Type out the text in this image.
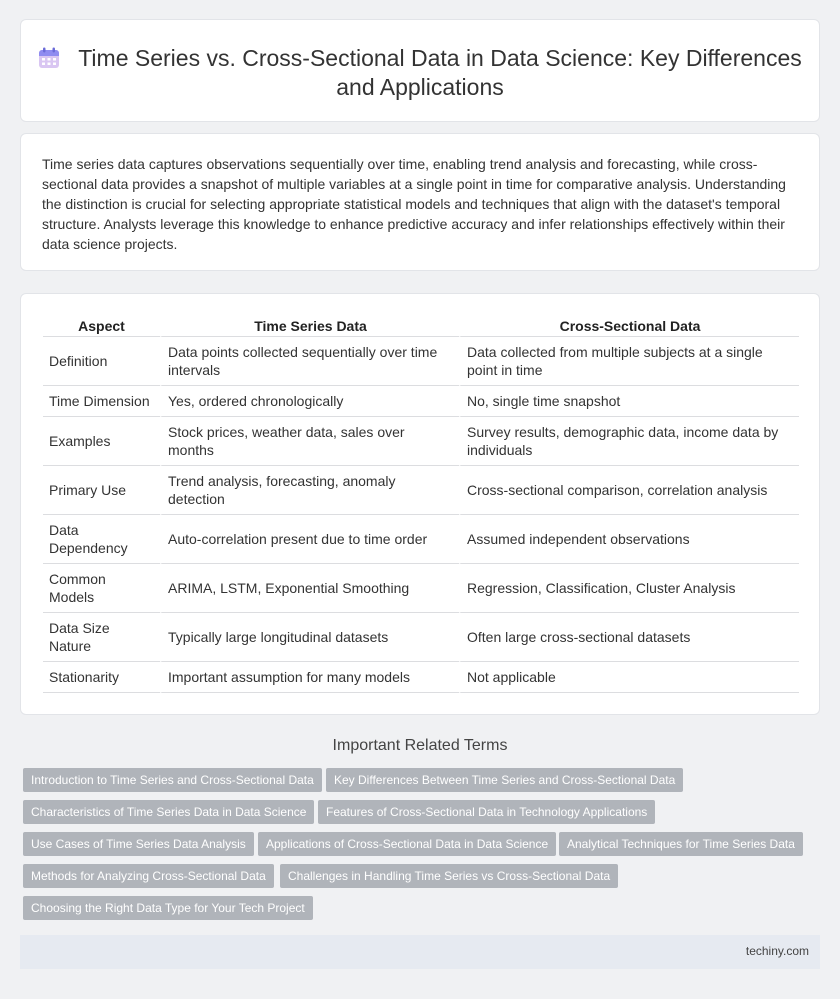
Time Series vs. Cross-Sectional Data in Data Science: Key Differences and Applications

Time series data captures observations sequentially over time, enabling trend analysis and forecasting, while cross-sectional data provides a snapshot of multiple variables at a single point in time for comparative analysis. Understanding the distinction is crucial for selecting appropriate statistical models and techniques that align with the dataset's temporal structure. Analysts leverage this knowledge to enhance predictive accuracy and infer relationships effectively within their data science projects.

Aspect	Time Series Data	Cross-Sectional Data
Definition	Data points collected sequentially over time intervals	Data collected from multiple subjects at a single point in time
Time Dimension	Yes, ordered chronologically	No, single time snapshot
Examples	Stock prices, weather data, sales over months	Survey results, demographic data, income data by individuals
Primary Use	Trend analysis, forecasting, anomaly detection	Cross-sectional comparison, correlation analysis
Data Dependency	Auto-correlation present due to time order	Assumed independent observations
Common Models	ARIMA, LSTM, Exponential Smoothing	Regression, Classification, Cluster Analysis
Data Size Nature	Typically large longitudinal datasets	Often large cross-sectional datasets
Stationarity	Important assumption for many models	Not applicable
Important Related Terms
Introduction to Time Series and Cross-Sectional Data	Key Differences Between Time Series and Cross-Sectional Data
Characteristics of Time Series Data in Data Science	Features of Cross-Sectional Data in Technology Applications
Use Cases of Time Series Data Analysis	Applications of Cross-Sectional Data in Data Science	Analytical Techniques for Time Series Data
Methods for Analyzing Cross-Sectional Data	Challenges in Handling Time Series vs Cross-Sectional Data
Choosing the Right Data Type for Your Tech Project
techiny.com
